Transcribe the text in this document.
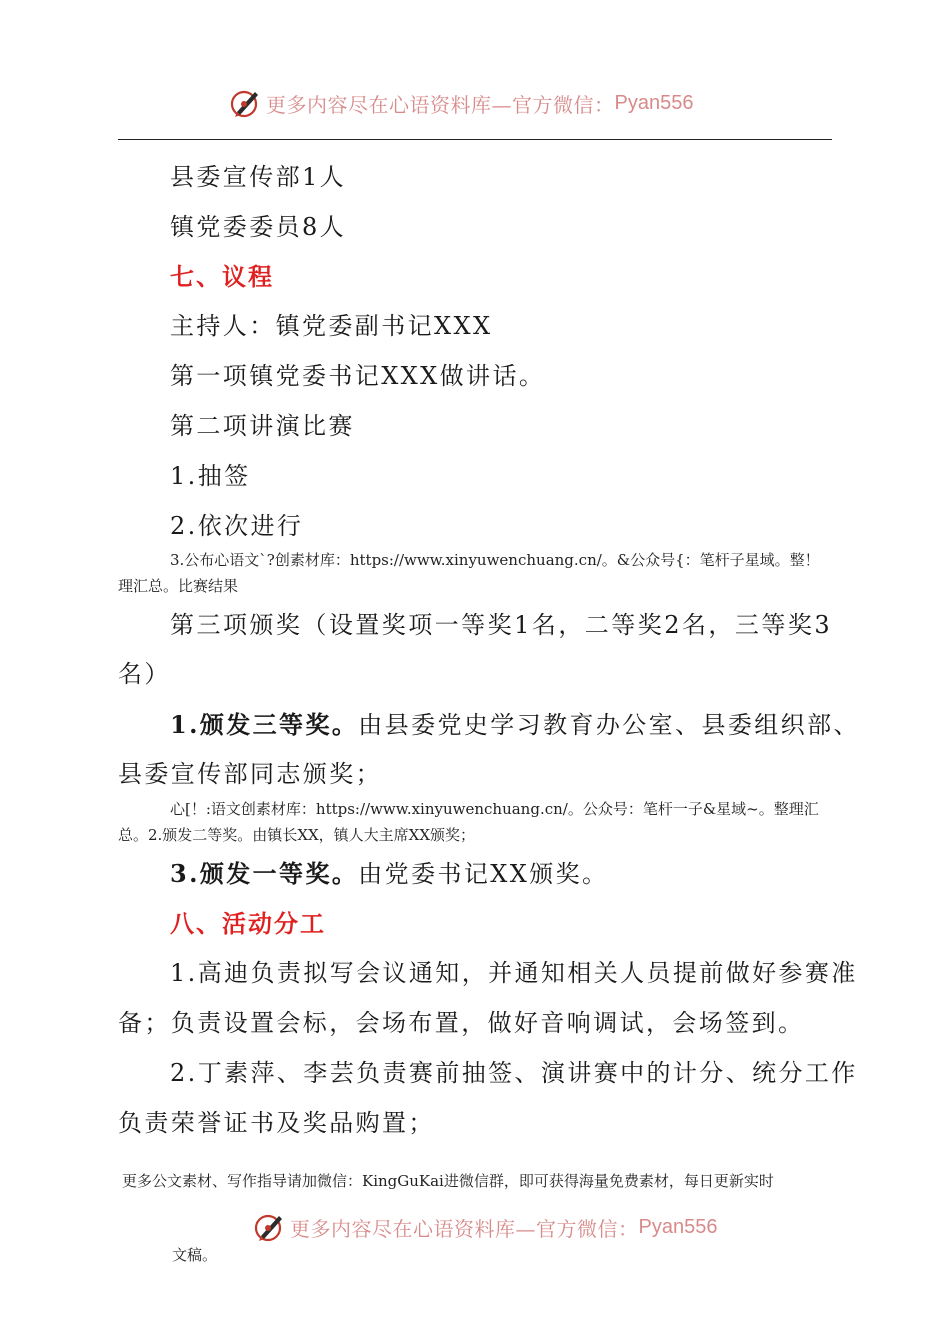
更多内容尽在心语资料库—官方微信： Pyan556
县委宣传部1人
镇党委委员8人
七、议程
主持人：镇党委副书记XXX
第一项镇党委书记XXX做讲话。
第二项讲演比赛
1.抽签
2.依次进行
3.公布心语文`?创素材库：https://www.xinyuwenchuang.cn/。&公众号{：笔杆子星域。整！
理汇总。比赛结果
第三项颁奖（设置奖项一等奖1名，二等奖2名，三等奖3
名）
1.颁发三等奖。由县委党史学习教育办公室、县委组织部、
县委宣传部同志颁奖；
心[！:语文创素材库：https://www.xinyuwenchuang.cn/。公众号：笔杆一子&星域~。整理汇
总。2.颁发二等奖。由镇长XX，镇人大主席XX颁奖；
3.颁发一等奖。由党委书记XX颁奖。
八、活动分工
1.高迪负责拟写会议通知，并通知相关人员提前做好参赛准
备；负责设置会标，会场布置，做好音响调试，会场签到。
2.丁素萍、李芸负责赛前抽签、演讲赛中的计分、统分工作
负责荣誉证书及奖品购置；
更多公文素材、写作指导请加微信：KingGuKai进微信群，即可获得海量免费素材，每日更新实时
更多内容尽在心语资料库—官方微信： Pyan556
文稿。
